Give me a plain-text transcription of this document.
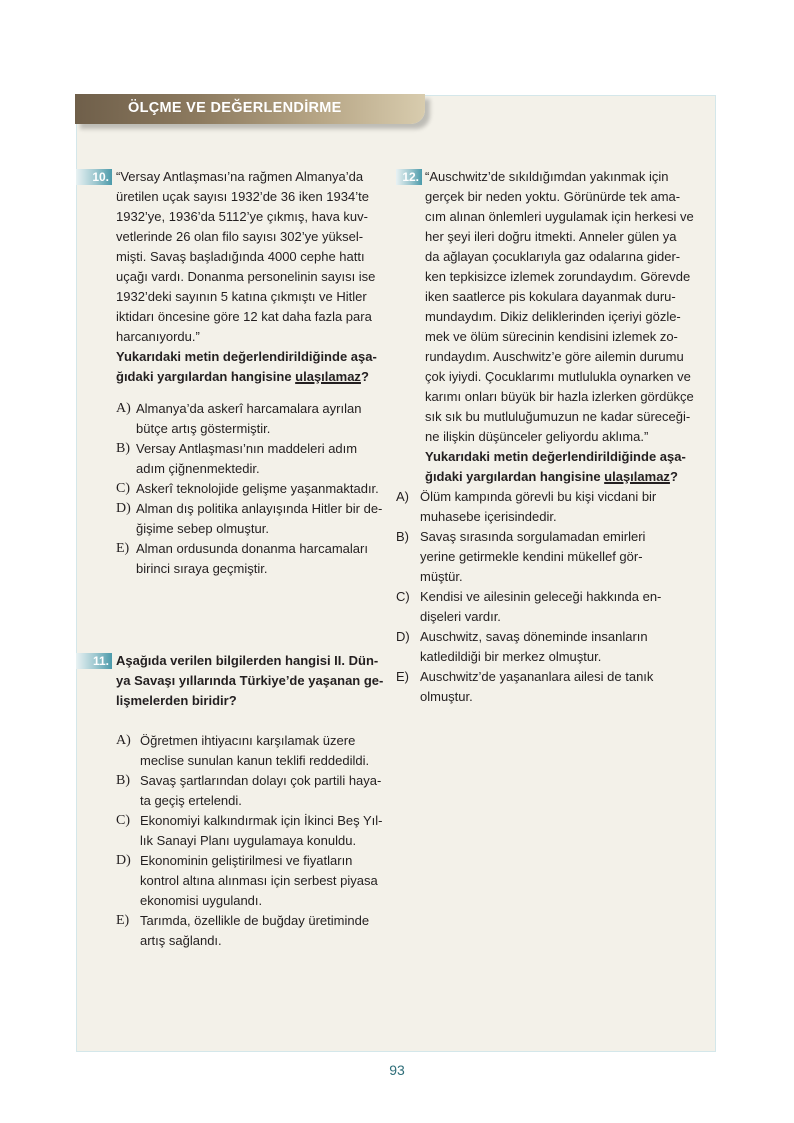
ÖLÇME VE DEĞERLENDİRME
10. “Versay Antlaşması’na rağmen Almanya’da
üretilen uçak sayısı 1932’de 36 iken 1934’te
1932’ye, 1936’da 5112’ye çıkmış, hava kuv-
vetlerinde 26 olan filo sayısı 302’ye yüksel-
mişti. Savaş başladığında 4000 cephe hattı
uçağı vardı. Donanma personelinin sayısı ise
1932’deki sayının 5 katına çıkmıştı ve Hitler
iktidarı öncesine göre 12 kat daha fazla para
harcanıyordu.”
Yukarıdaki metin değerlendirildiğinde aşa-
ğıdaki yargılardan hangisine ulaşılamaz?
A) Almanya’da askerî harcamalara ayrılan
bütçe artış göstermiştir.
B) Versay Antlaşması’nın maddeleri adım
adım çiğnenmektedir.
C) Askerî teknolojide gelişme yaşanmaktadır.
D) Alman dış politika anlayışında Hitler bir de-
ğişime sebep olmuştur.
E) Alman ordusunda donanma harcamaları
birinci sıraya geçmiştir.
11. Aşağıda verilen bilgilerden hangisi II. Dün-
ya Savaşı yıllarında Türkiye’de yaşanan ge-
lişmelerden biridir?
A) Öğretmen ihtiyacını karşılamak üzere
meclise sunulan kanun teklifi reddedildi.
B) Savaş şartlarından dolayı çok partili haya-
ta geçiş ertelendi.
C) Ekonomiyi kalkındırmak için İkinci Beş Yıl-
lık Sanayi Planı uygulamaya konuldu.
D) Ekonominin geliştirilmesi ve fiyatların
kontrol altına alınması için serbest piyasa
ekonomisi uygulandı.
E) Tarımda, özellikle de buğday üretiminde
artış sağlandı.
12. “Auschwitz’de sıkıldığımdan yakınmak için
gerçek bir neden yoktu. Görünürde tek ama-
cım alınan önlemleri uygulamak için herkesi ve
her şeyi ileri doğru itmekti. Anneler gülen ya
da ağlayan çocuklarıyla gaz odalarına gider-
ken tepkisizce izlemek zorundaydım. Görevde
iken saatlerce pis kokulara dayanmak duru-
mundaydım. Dikiz deliklerinden içeriyi gözle-
mek ve ölüm sürecinin kendisini izlemek zo-
rundaydım. Auschwitz’e göre ailemin durumu
çok iyiydi. Çocuklarımı mutlulukla oynarken ve
karımı onları büyük bir hazla izlerken gördükçe
sık sık bu mutluluğumuzun ne kadar süreceği-
ne ilişkin düşünceler geliyordu aklıma.”
Yukarıdaki metin değerlendirildiğinde aşa-
ğıdaki yargılardan hangisine ulaşılamaz?
A) Ölüm kampında görevli bu kişi vicdani bir
muhasebe içerisindedir.
B) Savaş sırasında sorgulamadan emirleri
yerine getirmekle kendini mükellef gör-
müştür.
C) Kendisi ve ailesinin geleceği hakkında en-
dişeleri vardır.
D) Auschwitz, savaş döneminde insanların
katledildiği bir merkez olmuştur.
E) Auschwitz’de yaşananlara ailesi de tanık
olmuştur.
93
